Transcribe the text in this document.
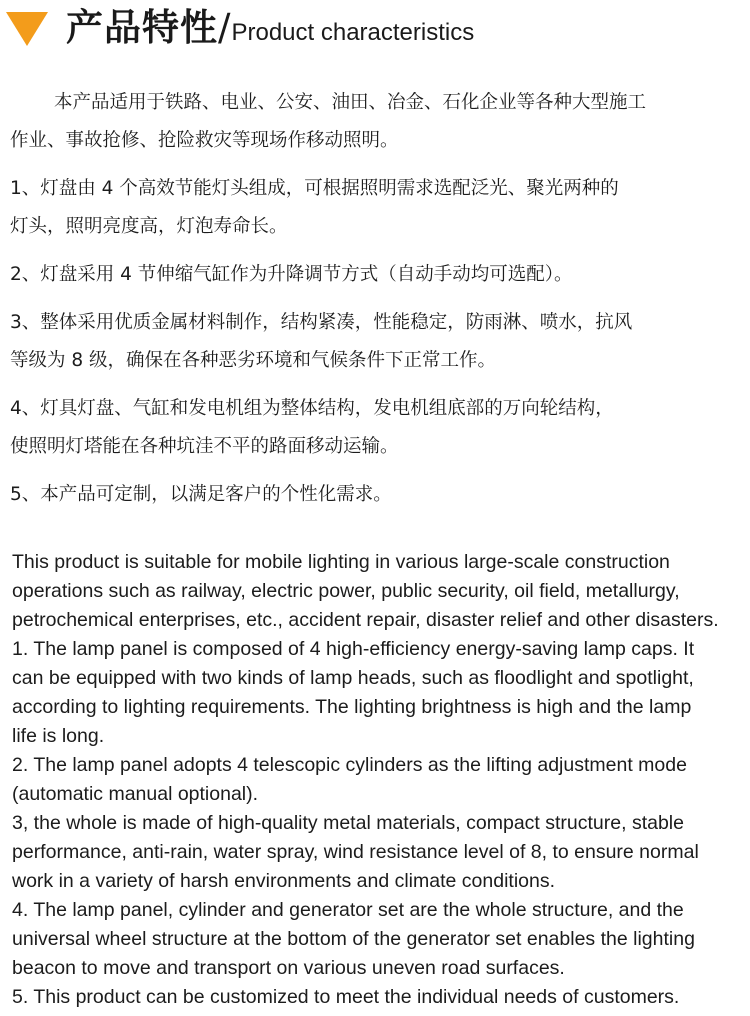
产品特性/Product characteristics

本产品适用于铁路、电业、公安、油田、冶金、石化企业等各种大型施工

作业、事故抢修、抢险救灾等现场作移动照明。

1、灯盘由 4 个高效节能灯头组成，可根据照明需求选配泛光、聚光两种的

灯头，照明亮度高，灯泡寿命长。

2、灯盘采用 4 节伸缩气缸作为升降调节方式（自动手动均可选配）。

3、整体采用优质金属材料制作，结构紧凑，性能稳定，防雨淋、喷水，抗风

等级为 8 级，确保在各种恶劣环境和气候条件下正常工作。

4、灯具灯盘、气缸和发电机组为整体结构，发电机组底部的万向轮结构，

使照明灯塔能在各种坑洼不平的路面移动运输。

5、本产品可定制，以满足客户的个性化需求。

This product is suitable for mobile lighting in various large-scale construction

operations such as railway, electric power, public security, oil field, metallurgy,

petrochemical enterprises, etc., accident repair, disaster relief and other disasters.

1. The lamp panel is composed of 4 high-efficiency energy-saving lamp caps. It

can be equipped with two kinds of lamp heads, such as floodlight and spotlight,

according to lighting requirements. The lighting brightness is high and the lamp

life is long.

2. The lamp panel adopts 4 telescopic cylinders as the lifting adjustment mode

(automatic manual optional).

3, the whole is made of high-quality metal materials, compact structure, stable

performance, anti-rain, water spray, wind resistance level of 8, to ensure normal

work in a variety of harsh environments and climate conditions.

4. The lamp panel, cylinder and generator set are the whole structure, and the

universal wheel structure at the bottom of the generator set enables the lighting

beacon to move and transport on various uneven road surfaces.

5. This product can be customized to meet the individual needs of customers.
